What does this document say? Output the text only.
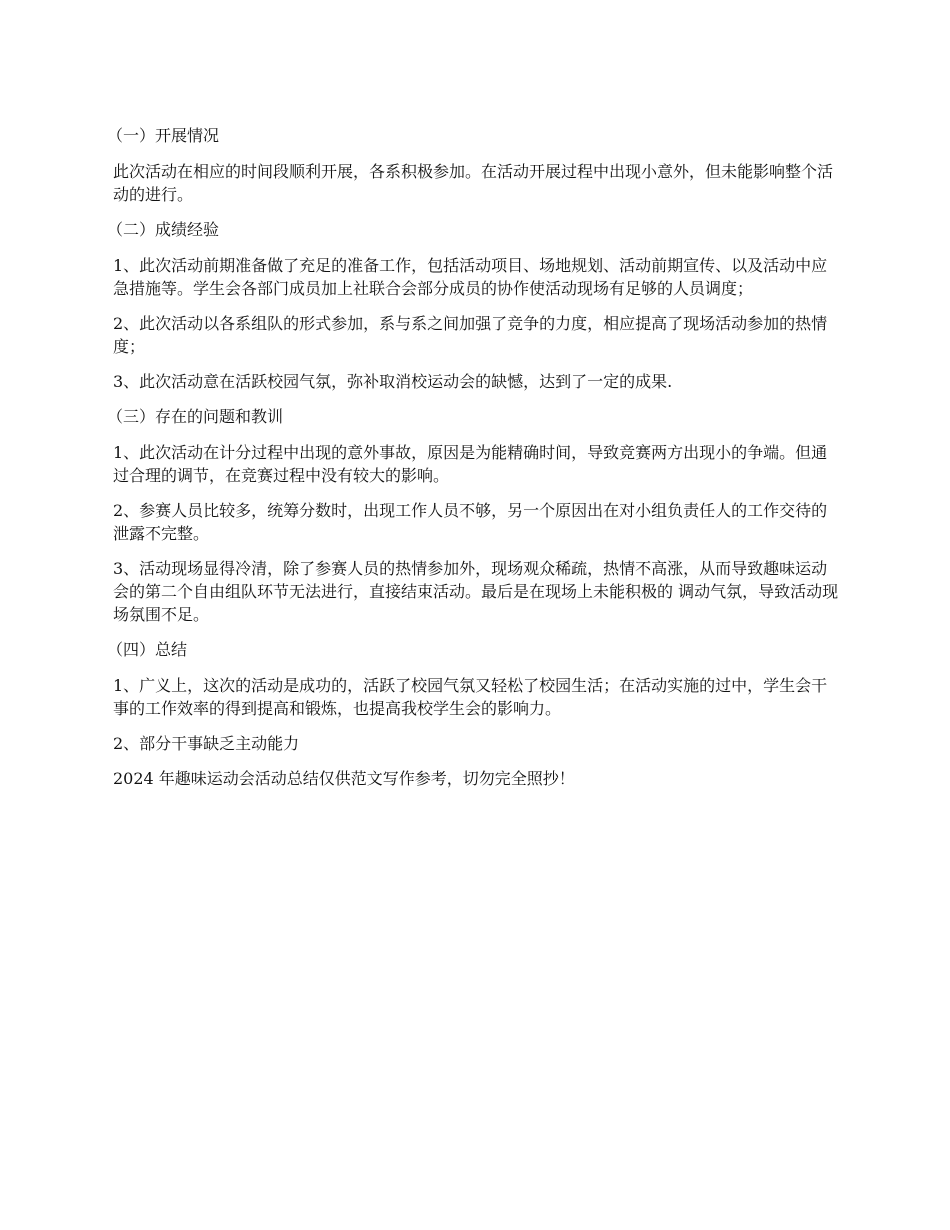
（一）开展情况

此次活动在相应的时间段顺利开展，各系积极参加。在活动开展过程中出现小意外，但未能影响整个活动的进行。

（二）成绩经验

1、此次活动前期准备做了充足的准备工作，包括活动项目、场地规划、活动前期宣传、以及活动中应急措施等。学生会各部门成员加上社联合会部分成员的协作使活动现场有足够的人员调度；

2、此次活动以各系组队的形式参加，系与系之间加强了竞争的力度，相应提高了现场活动参加的热情度；

3、此次活动意在活跃校园气氛，弥补取消校运动会的缺憾，达到了一定的成果.

（三）存在的问题和教训

1、此次活动在计分过程中出现的意外事故，原因是为能精确时间，导致竞赛两方出现小的争端。但通过合理的调节，在竞赛过程中没有较大的影响。

2、参赛人员比较多，统筹分数时，出现工作人员不够，另一个原因出在对小组负责任人的工作交待的泄露不完整。

3、活动现场显得冷清，除了参赛人员的热情参加外，现场观众稀疏，热情不高涨，从而导致趣味运动会的第二个自由组队环节无法进行，直接结束活动。最后是在现场上未能积极的 调动气氛，导致活动现场氛围不足。

（四）总结

1、广义上，这次的活动是成功的，活跃了校园气氛又轻松了校园生活；在活动实施的过中，学生会干事的工作效率的得到提高和锻炼，也提高我校学生会的影响力。

2、部分干事缺乏主动能力

2024 年趣味运动会活动总结仅供范文写作参考，切勿完全照抄！
